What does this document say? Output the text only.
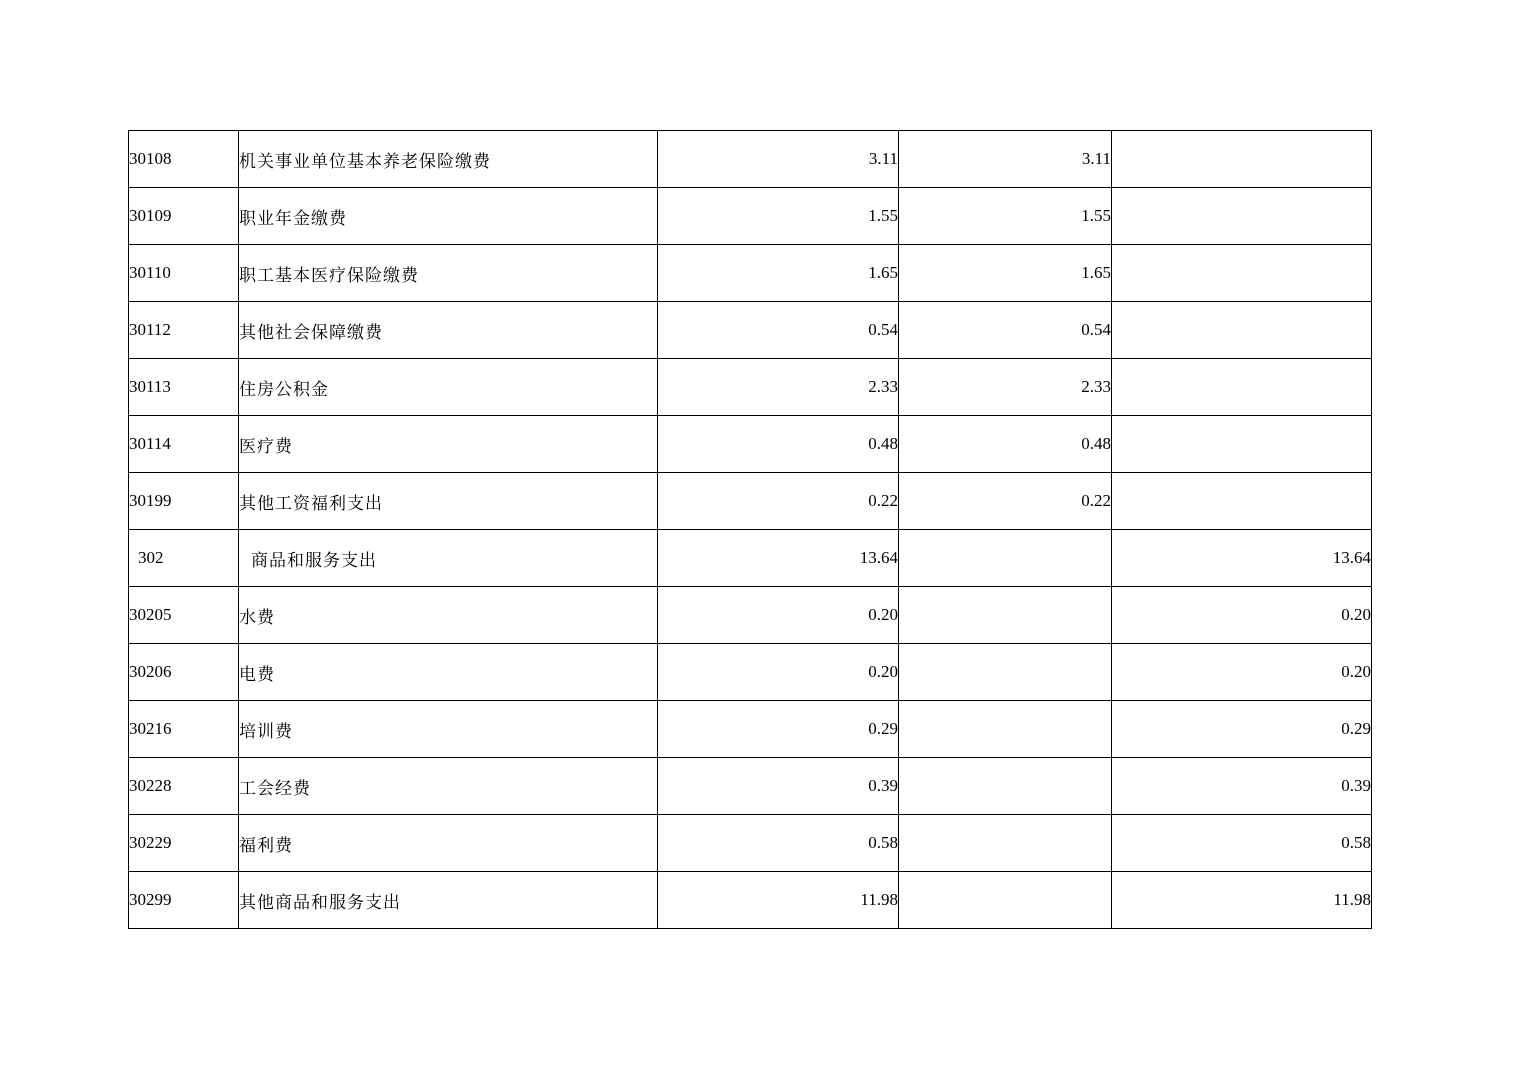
30108	机关事业单位基本养老保险缴费	3.11	3.11	
30109	职业年金缴费	1.55	1.55	
30110	职工基本医疗保险缴费	1.65	1.65	
30112	其他社会保障缴费	0.54	0.54	
30113	住房公积金	2.33	2.33	
30114	医疗费	0.48	0.48	
30199	其他工资福利支出	0.22	0.22	
302	商品和服务支出	13.64		13.64
30205	水费	0.20		0.20
30206	电费	0.20		0.20
30216	培训费	0.29		0.29
30228	工会经费	0.39		0.39
30229	福利费	0.58		0.58
30299	其他商品和服务支出	11.98		11.98
